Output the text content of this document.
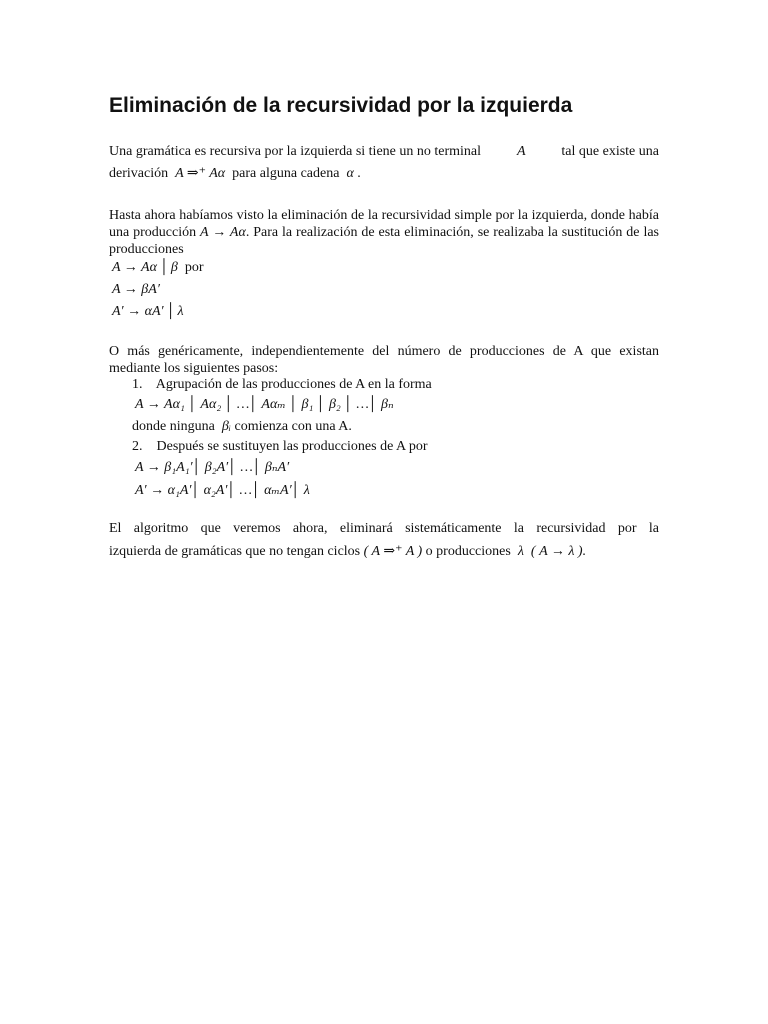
Eliminación de la recursividad por la izquierda
Una gramática es recursiva por la izquierda si tiene un no terminal	A	tal que existe una
derivación A ⇒⁺ Aα para alguna cadena α .
Hasta ahora habíamos visto la eliminación de la recursividad simple por la izquierda, donde había una producción A → Aα. Para la realización de esta eliminación, se realizaba la sustitución de las producciones
A → Aα │ β por
A → βA′
A′ → αA′ │ λ
O más genéricamente, independientemente del número de producciones de A que existan mediante los siguientes pasos:
1. Agrupación de las producciones de A en la forma
A → Aα₁ │ Aα₂ │ …│ Aαₘ │ β₁ │ β₂ │ …│ βₙ
donde ninguna βᵢ comienza con una A.
2. Después se sustituyen las producciones de A por
A → β₁A₁′│ β₂A′│ …│ βₙA′
A′ → α₁A′│ α₂A′│ …│ αₘA′│ λ
El algoritmo que veremos ahora, eliminará sistemáticamente la recursividad por la
izquierda de gramáticas que no tengan ciclos ( A ⇒⁺ A ) o producciones λ ( A → λ ).
